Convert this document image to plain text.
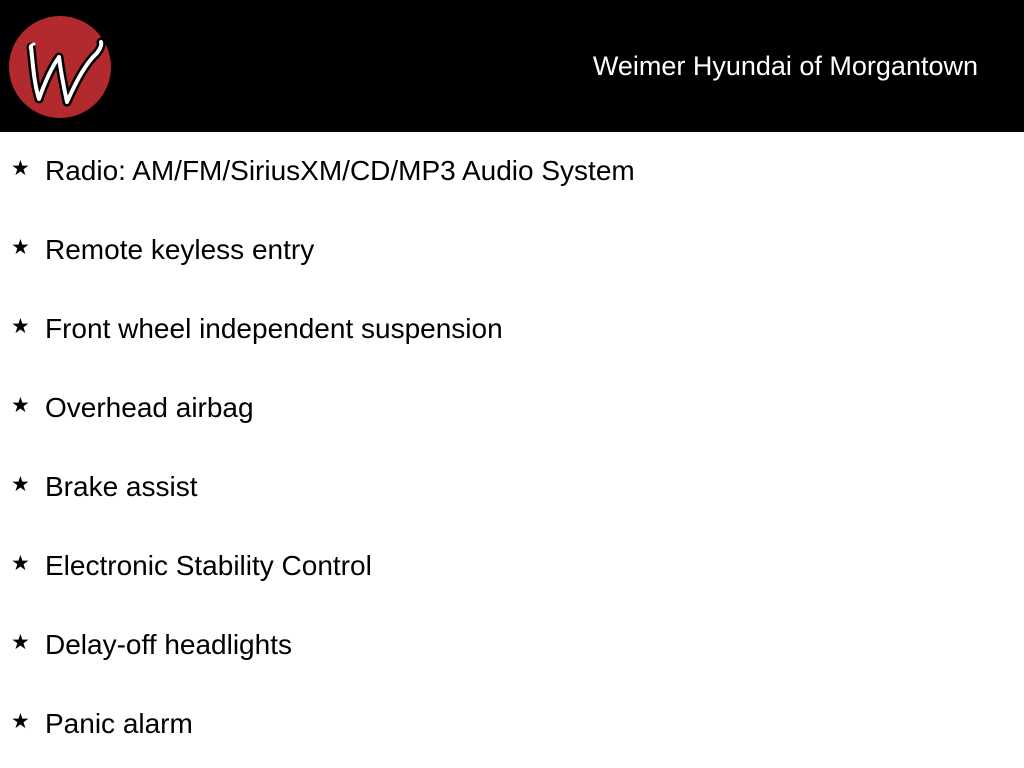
Weimer Hyundai of Morgantown
★ Radio: AM/FM/SiriusXM/CD/MP3 Audio System
★ Remote keyless entry
★ Front wheel independent suspension
★ Overhead airbag
★ Brake assist
★ Electronic Stability Control
★ Delay-off headlights
★ Panic alarm
